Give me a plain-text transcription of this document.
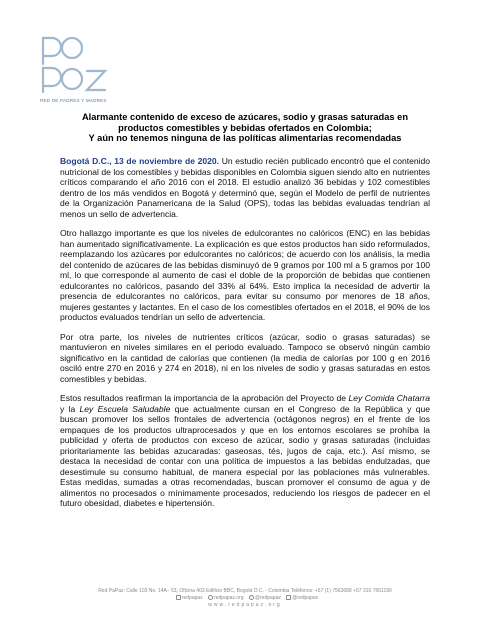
RED DE PADRES Y MADRES
Alarmante contenido de exceso de azúcares, sodio y grasas saturadas en
productos comestibles y bebidas ofertados en Colombia;
Y aún no tenemos ninguna de las políticas alimentarias recomendadas

Bogotá D.C., 13 de noviembre de 2020. Un estudio recién publicado encontró que el contenido nutricional de los comestibles y bebidas disponibles en Colombia siguen siendo alto en nutrientes críticos comparando el año 2016 con el 2018. El estudio analizó 36 bebidas y 102 comestibles dentro de los más vendidos en Bogotá y determinó que, según el Modelo de perfil de nutrientes de la Organización Panamericana de la Salud (OPS), todas las bebidas evaluadas tendrían al menos un sello de advertencia.

Otro hallazgo importante es que los niveles de edulcorantes no calóricos (ENC) en las bebidas han aumentado significativamente. La explicación es que estos productos han sido reformulados, reemplazando los azúcares por edulcorantes no calóricos; de acuerdo con los análisis, la media del contenido de azúcares de las bebidas disminuyó de 9 gramos por 100 ml a 5 gramos por 100 ml, lo que corresponde al aumento de casi el doble de la proporción de bebidas que contienen edulcorantes no calóricos, pasando del 33% al 64%. Esto implica la necesidad de advertir la presencia de edulcorantes no calóricos, para evitar su consumo por menores de 18 años, mujeres gestantes y lactantes. En el caso de los comestibles ofertados en el 2018, el 90% de los productos evaluados tendrían un sello de advertencia.

Por otra parte, los niveles de nutrientes críticos (azúcar, sodio o grasas saturadas) se mantuvieron en niveles similares en el periodo evaluado. Tampoco se observó ningún cambio significativo en la cantidad de calorías que contienen (la media de calorías por 100 g en 2016 osciló entre 270 en 2016 y 274 en 2018), ni en los niveles de sodio y grasas saturadas en estos comestibles y bebidas.

Estos resultados reafirman la importancia de la aprobación del Proyecto de Ley Comida Chatarra y la Ley Escuela Saludable que actualmente cursan en el Congreso de la República y que buscan promover los sellos frontales de advertencia (octágonos negros) en el frente de los empaques de los productos ultraprocesados y que en los entornos escolares se prohíba la publicidad y oferta de productos con exceso de azúcar, sodio y grasas saturadas (incluidas prioritariamente las bebidas azucaradas: gaseosas, tés, jugos de caja, etc.). Así mismo, se destaca la necesidad de contar con una política de impuestos a las bebidas endulzadas, que desestimule su consumo habitual, de manera especial por las poblaciones más vulnerables. Estas medidas, sumadas a otras recomendadas, buscan promover el consumo de agua y de alimentos no procesados o mínimamente procesados, reduciendo los riesgos de padecer en el futuro obesidad, diabetes e hipertensión.

Red PaPaz: Calle 103 No. 14A - 53, Oficina 403 Edificio BBC, Bogotá D.C. - Colombia Teléfonos: +57 (1) 7563689 +57 310 7561190
redpapaz redpapaz.org @redpapaz @redpapaz
www.redpapaz.org
